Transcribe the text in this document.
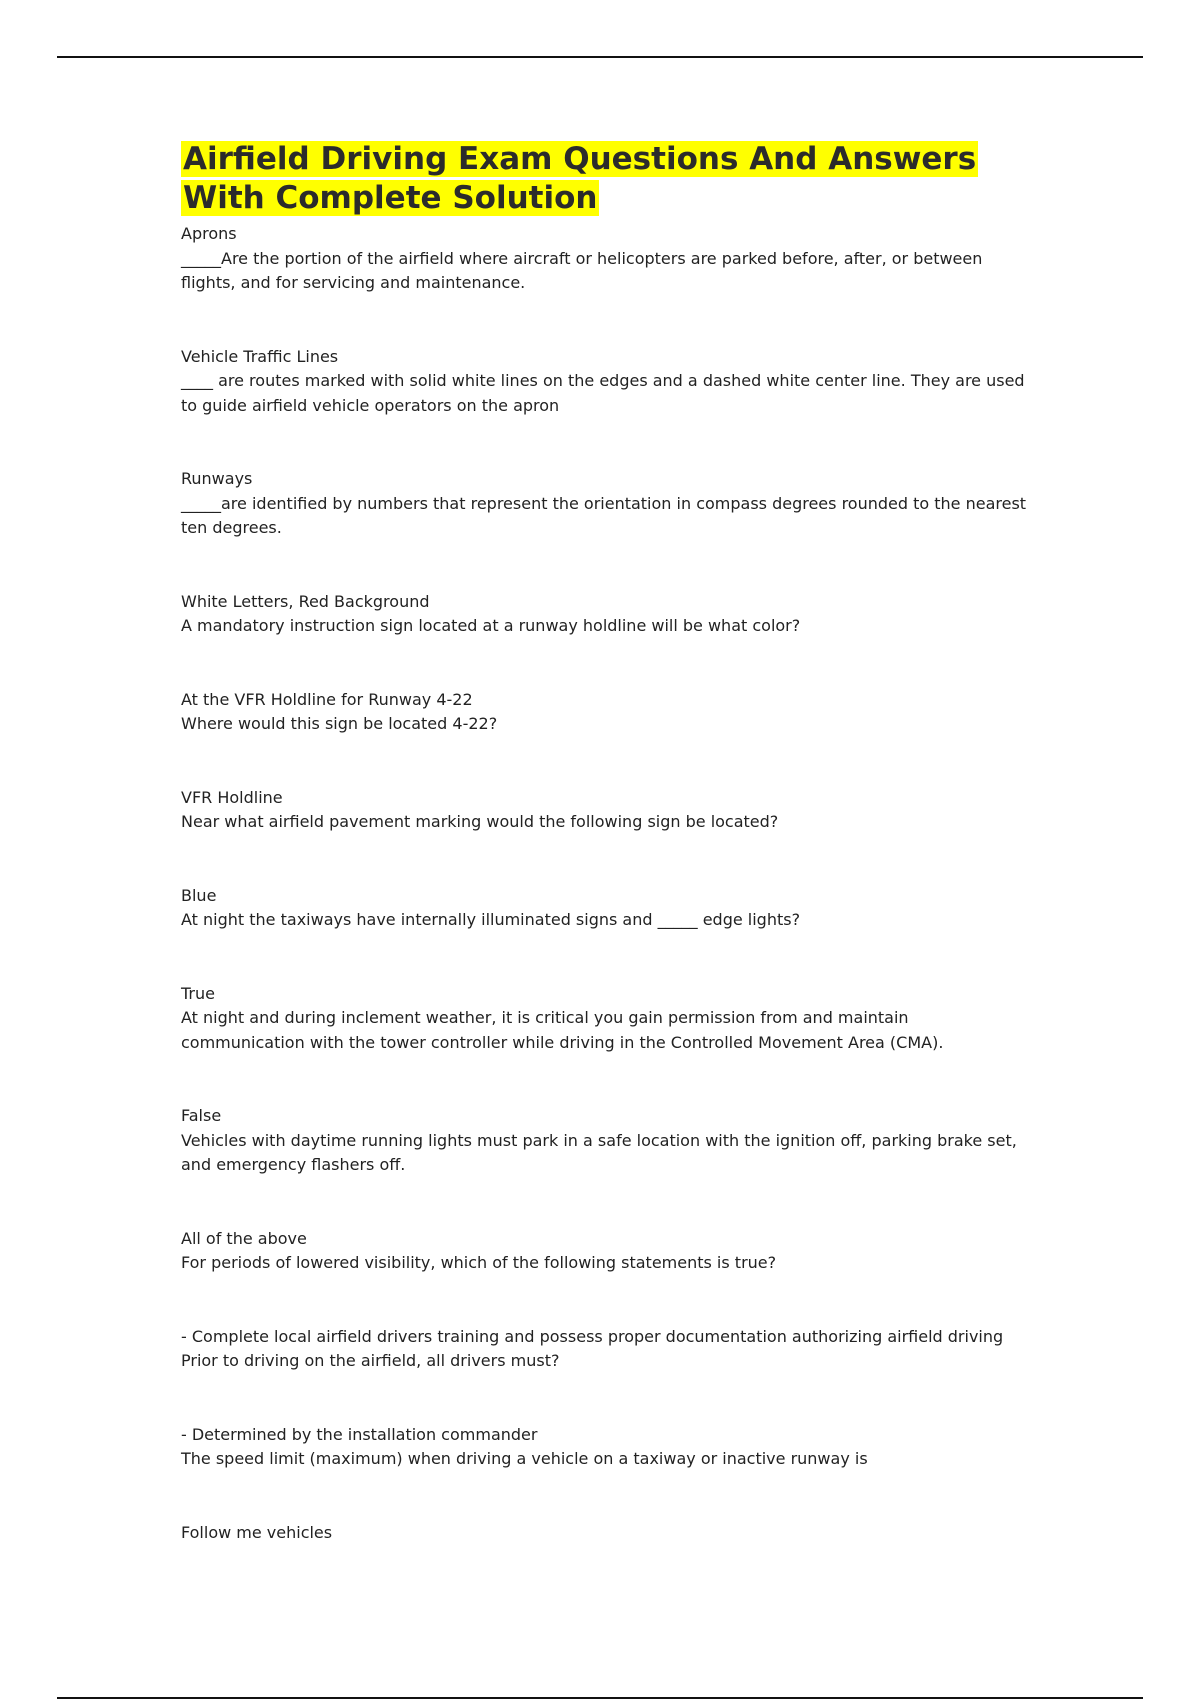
Airfield Driving Exam Questions And Answers
With Complete Solution
Aprons
_____Are the portion of the airfield where aircraft or helicopters are parked before, after, or between flights, and for servicing and maintenance.
Vehicle Traffic Lines
____ are routes marked with solid white lines on the edges and a dashed white center line. They are used to guide airfield vehicle operators on the apron
Runways
_____are identified by numbers that represent the orientation in compass degrees rounded to the nearest ten degrees.
White Letters, Red Background
A mandatory instruction sign located at a runway holdline will be what color?
At the VFR Holdline for Runway 4-22
Where would this sign be located 4-22?
VFR Holdline
Near what airfield pavement marking would the following sign be located?
Blue
At night the taxiways have internally illuminated signs and _____ edge lights?
True
At night and during inclement weather, it is critical you gain permission from and maintain communication with the tower controller while driving in the Controlled Movement Area (CMA).
False
Vehicles with daytime running lights must park in a safe location with the ignition off, parking brake set, and emergency flashers off.
All of the above
For periods of lowered visibility, which of the following statements is true?
- Complete local airfield drivers training and possess proper documentation authorizing airfield driving
Prior to driving on the airfield, all drivers must?
- Determined by the installation commander
The speed limit (maximum) when driving a vehicle on a taxiway or inactive runway is
Follow me vehicles
